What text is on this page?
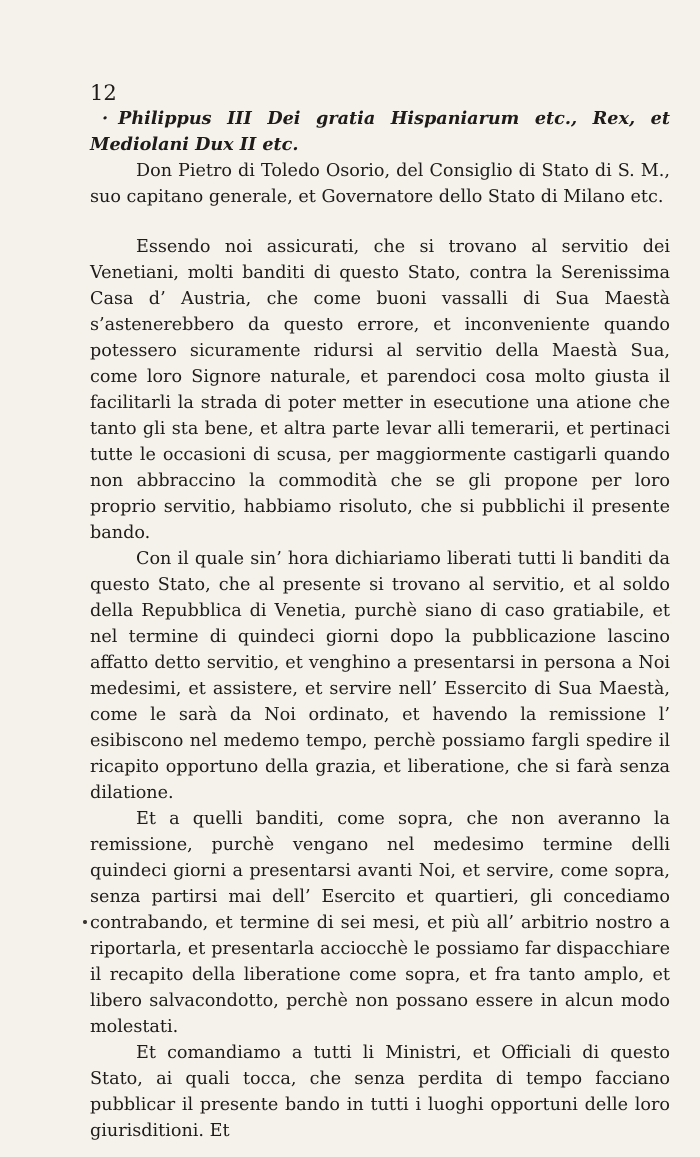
12

· Philippus III Dei gratia Hispaniarum etc., Rex, et Mediolani Dux II etc.

Don Pietro di Toledo Osorio, del Consiglio di Stato di S. M., suo capitano generale, et Governatore dello Stato di Milano etc.

Essendo noi assicurati, che si trovano al servitio dei Venetiani, molti banditi di questo Stato, contra la Serenissima Casa d’ Austria, che come buoni vassalli di Sua Maestà s’astenerebbero da questo errore, et inconveniente quando potessero sicuramente ridursi al servitio della Maestà Sua, come loro Signore naturale, et parendoci cosa molto giusta il facilitarli la strada di poter metter in esecutione una atione che tanto gli sta bene, et altra parte levar alli temerarii, et pertinaci tutte le occasioni di scusa, per maggiormente castigarli quando non abbraccino la commodità che se gli propone per loro proprio servitio, habbiamo risoluto, che si pubblichi il presente bando.

Con il quale sin’ hora dichiariamo liberati tutti li banditi da questo Stato, che al presente si trovano al servitio, et al soldo della Repubblica di Venetia, purchè siano di caso gratiabile, et nel termine di quindeci giorni dopo la pubblicazione lascino affatto detto servitio, et venghino a presentarsi in persona a Noi medesimi, et assistere, et servire nell’ Essercito di Sua Maestà, come le sarà da Noi ordinato, et havendo la remissione l’ esibiscono nel medemo tempo, perchè possiamo fargli spedire il ricapito opportuno della grazia, et liberatione, che si farà senza dilatione.

Et a quelli banditi, come sopra, che non averanno la remissione, purchè vengano nel medesimo termine delli quindeci giorni a presentarsi avanti Noi, et servire, come sopra, senza partirsi mai dell’ Esercito et quartieri, gli concediamo contrabando, et termine di sei mesi, et più all’ arbitrio nostro a riportarla, et presentarla acciocchè le possiamo far dispacchiare il recapito della liberatione come sopra, et fra tanto amplo, et libero salvacondotto, perchè non possano essere in alcun modo molestati.

Et comandiamo a tutti li Ministri, et Officiali di questo Stato, ai quali tocca, che senza perdita di tempo facciano pubblicar il presente bando in tutti i luoghi opportuni delle loro giurisditioni. Et
